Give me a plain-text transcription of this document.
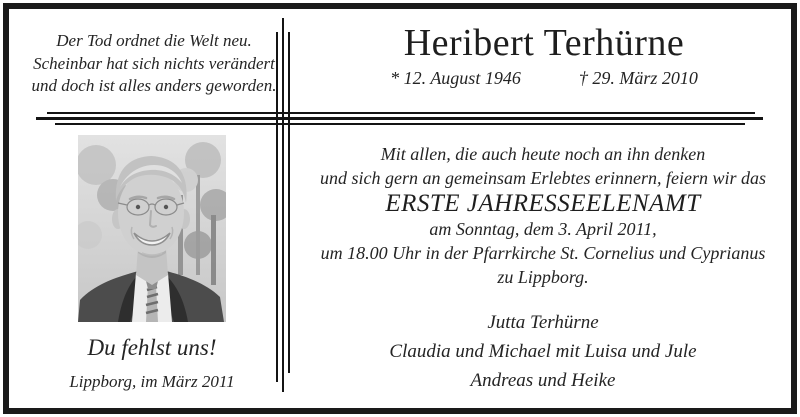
Der Tod ordnet die Welt neu.
Scheinbar hat sich nichts verändert
und doch ist alles anders geworden.
Heribert Terhürne
* 12. August 1946	† 29. März 2010
Du fehlst uns!
Lippborg, im März 2011

Mit allen, die auch heute noch an ihn denken

und sich gern an gemeinsam Erlebtes erinnern, feiern wir das

ERSTE JAHRESSEELENAMT

am Sonntag, dem 3. April 2011,

um 18.00 Uhr in der Pfarrkirche St. Cornelius und Cyprianus

zu Lippborg.

Jutta Terhürne
Claudia und Michael mit Luisa und Jule
Andreas und Heike
